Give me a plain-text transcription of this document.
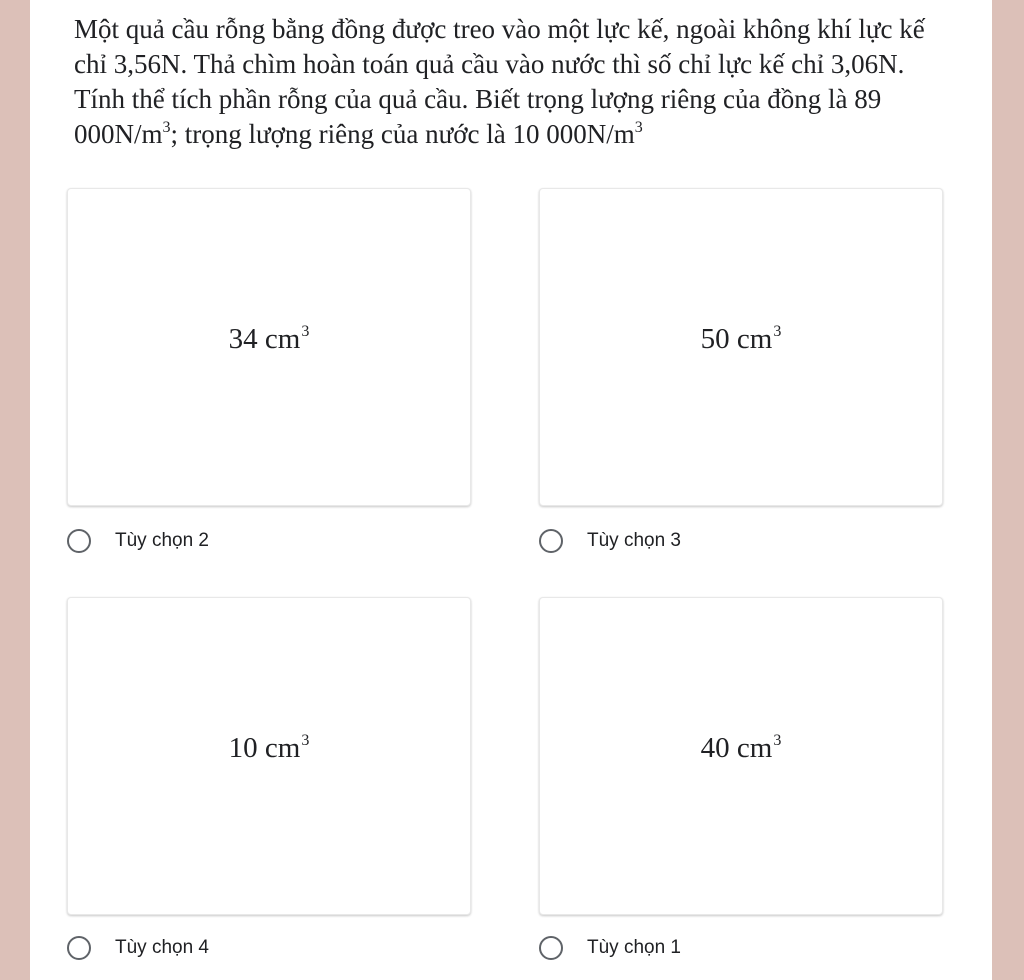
Một quả cầu rỗng bằng đồng được treo vào một lực kế, ngoài không khí lực kế chỉ 3,56N. Thả chìm hoàn toán quả cầu vào nước thì số chỉ lực kế chỉ 3,06N. Tính thể tích phần rỗng của quả cầu. Biết trọng lượng riêng của đồng là 89 $000N/m^3$; trọng lượng riêng của nước là 10 $000N/m^3$

34 $cm^3$
Tùy chọn 2
50 $cm^3$
Tùy chọn 3
10 $cm^3$
Tùy chọn 4
40 $cm^3$
Tùy chọn 1
